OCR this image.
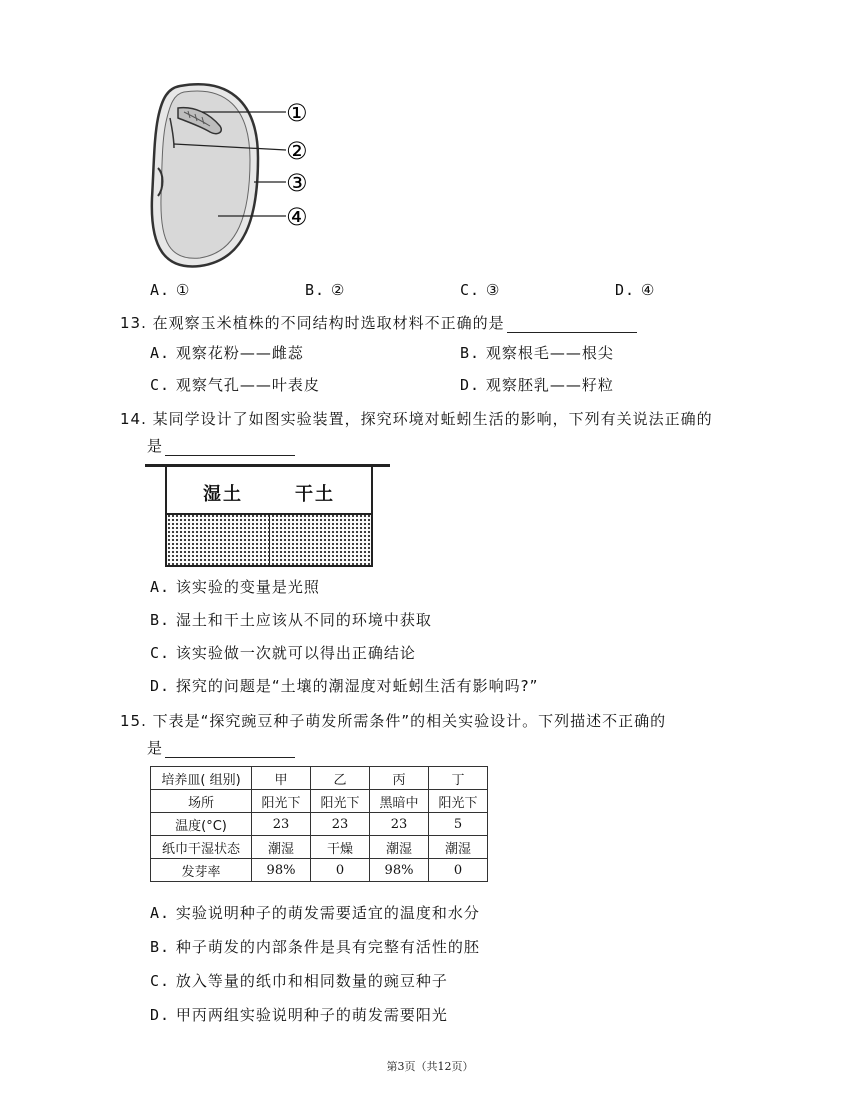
①
②
③
④
A. ①	B. ②	C. ③	D. ④
13. 在观察玉米植株的不同结构时选取材料不正确的是
A. 观察花粉——雌蕊	B. 观察根毛——根尖
C. 观察气孔——叶表皮	D. 观察胚乳——籽粒
14. 某同学设计了如图实验装置，探究环境对蚯蚓生活的影响，下列有关说法正确的
是
湿土	干土
A. 该实验的变量是光照
B. 湿土和干土应该从不同的环境中获取
C. 该实验做一次就可以得出正确结论
D. 探究的问题是“土壤的潮湿度对蚯蚓生活有影响吗?”
15. 下表是“探究豌豆种子萌发所需条件”的相关实验设计。下列描述不正确的
是
培养皿( 组别)	甲	乙	丙	丁
场所	阳光下	阳光下	黑暗中	阳光下
温度(°C)	23	23	23	5
纸巾干湿状态	潮湿	干燥	潮湿	潮湿
发芽率	98%	0	98%	0
A. 实验说明种子的萌发需要适宜的温度和水分
B. 种子萌发的内部条件是具有完整有活性的胚
C. 放入等量的纸巾和相同数量的豌豆种子
D. 甲丙两组实验说明种子的萌发需要阳光
第3页（共12页）
